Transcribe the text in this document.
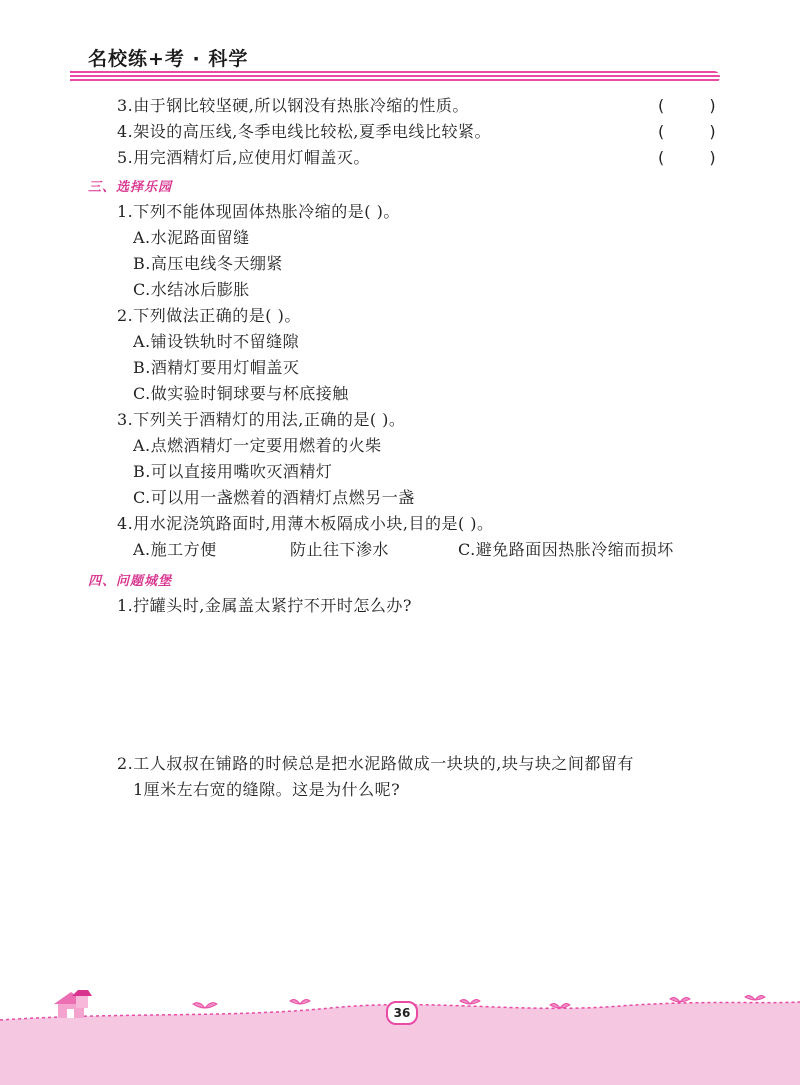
名校练+考 · 科学
3.由于钢比较坚硬,所以钢没有热胀冷缩的性质。	( )
4.架设的高压线,冬季电线比较松,夏季电线比较紧。	( )
5.用完酒精灯后,应使用灯帽盖灭。	( )
三、选择乐园
1.下列不能体现固体热胀冷缩的是( )。
A.水泥路面留缝
B.高压电线冬天绷紧
C.水结冰后膨胀
2.下列做法正确的是( )。
A.铺设铁轨时不留缝隙
B.酒精灯要用灯帽盖灭
C.做实验时铜球要与杯底接触
3.下列关于酒精灯的用法,正确的是( )。
A.点燃酒精灯一定要用燃着的火柴
B.可以直接用嘴吹灭酒精灯
C.可以用一盏燃着的酒精灯点燃另一盏
4.用水泥浇筑路面时,用薄木板隔成小块,目的是( )。
A.施工方便	防止往下渗水	C.避免路面因热胀冷缩而损坏
四、问题城堡
1.拧罐头时,金属盖太紧拧不开时怎么办?
2.工人叔叔在铺路的时候总是把水泥路做成一块块的,块与块之间都留有
1厘米左右宽的缝隙。这是为什么呢?
36
